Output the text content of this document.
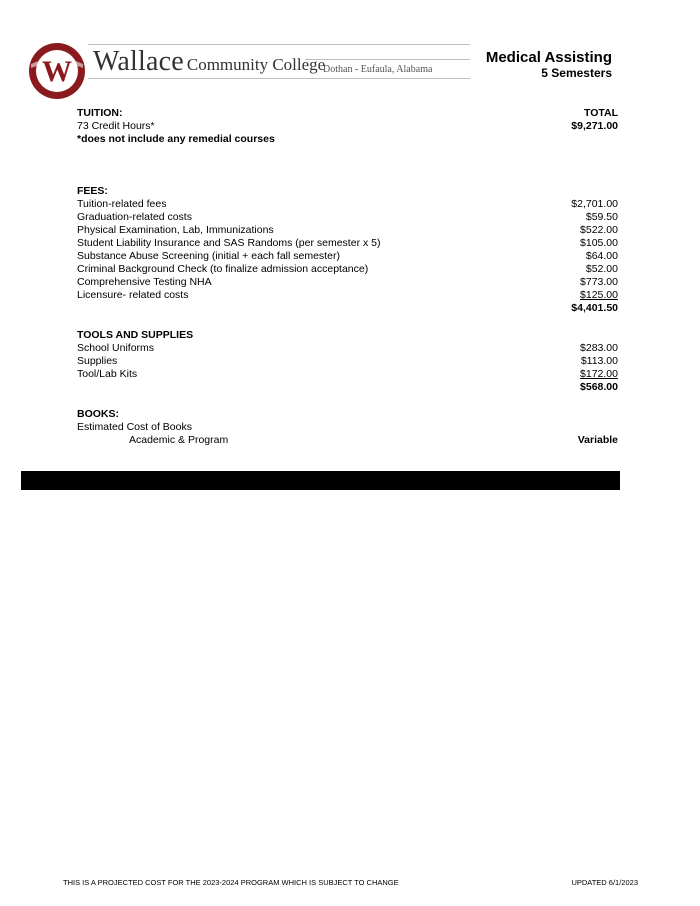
W Wallace Community College
Dothan - Eufaula, Alabama
Medical Assisting
5 Semesters
TUITION:	TOTAL
73 Credit Hours*	$9,271.00
*does not include any remedial courses
FEES:
Tuition-related fees	$2,701.00
Graduation-related costs	$59.50
Physical Examination, Lab, Immunizations	$522.00
Student Liability Insurance and SAS Randoms (per semester x 5)	$105.00
Substance Abuse Screening (initial + each fall semester)	$64.00
Criminal Background Check (to finalize admission acceptance)	$52.00
Comprehensive Testing NHA	$773.00
Licensure- related costs	$125.00
$4,401.50
TOOLS AND SUPPLIES
School Uniforms	$283.00
Supplies	$113.00
Tool/Lab Kits	$172.00
$568.00
BOOKS:
Estimated Cost of Books
Academic & Program	Variable
THIS IS A PROJECTED COST FOR THE 2023-2024 PROGRAM WHICH IS SUBJECT TO CHANGE	UPDATED 6/1/2023
